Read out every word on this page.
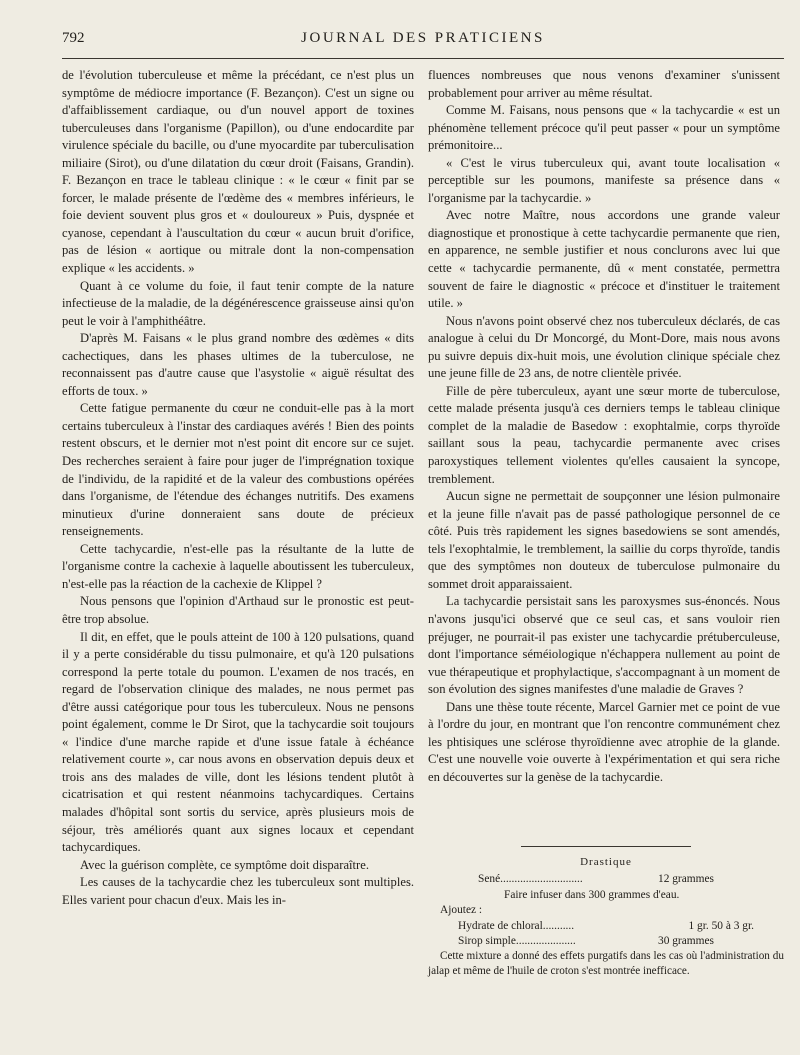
792	JOURNAL DES PRATICIENS

de l'évolution tuberculeuse et même la précédant, ce n'est plus un symptôme de médiocre importance (F. Bezançon). C'est un signe ou d'affaiblissement cardiaque, ou d'un nouvel apport de toxines tuberculeuses dans l'organisme (Papillon), ou d'une endocardite par virulence spéciale du bacille, ou d'une myocardite par tuberculisation miliaire (Sirot), ou d'une dilatation du cœur droit (Faisans, Grandin). F. Bezançon en trace le tableau clinique : « le cœur « finit par se forcer, le malade présente de l'œdème des « membres inférieurs, le foie devient souvent plus gros et « douloureux » Puis, dyspnée et cyanose, cependant à l'auscultation du cœur « aucun bruit d'orifice, pas de lésion « aortique ou mitrale dont la non-compensation explique « les accidents. »

Quant à ce volume du foie, il faut tenir compte de la nature infectieuse de la maladie, de la dégénérescence graisseuse ainsi qu'on peut le voir à l'amphithéâtre.

D'après M. Faisans « le plus grand nombre des œdèmes « dits cachectiques, dans les phases ultimes de la tuberculose, ne reconnaissent pas d'autre cause que l'asystolie « aiguë résultat des efforts de toux. »

Cette fatigue permanente du cœur ne conduit-elle pas à la mort certains tuberculeux à l'instar des cardiaques avérés ! Bien des points restent obscurs, et le dernier mot n'est point dit encore sur ce sujet. Des recherches seraient à faire pour juger de l'imprégnation toxique de l'individu, de la rapidité et de la valeur des combustions opérées dans l'organisme, de l'étendue des échanges nutritifs. Des examens minutieux d'urine donneraient sans doute de précieux renseignements.

Cette tachycardie, n'est-elle pas la résultante de la lutte de l'organisme contre la cachexie à laquelle aboutissent les tuberculeux, n'est-elle pas la réaction de la cachexie de Klippel ?

Nous pensons que l'opinion d'Arthaud sur le pronostic est peut-être trop absolue.

Il dit, en effet, que le pouls atteint de 100 à 120 pulsations, quand il y a perte considérable du tissu pulmonaire, et qu'à 120 pulsations correspond la perte totale du poumon. L'examen de nos tracés, en regard de l'observation clinique des malades, ne nous permet pas d'être aussi catégorique pour tous les tuberculeux. Nous ne pensons point également, comme le Dr Sirot, que la tachycardie soit toujours « l'indice d'une marche rapide et d'une issue fatale à échéance relativement courte », car nous avons en observation depuis deux et trois ans des malades de ville, dont les lésions tendent plutôt à cicatrisation et qui restent néanmoins tachycardiques. Certains malades d'hôpital sont sortis du service, après plusieurs mois de séjour, très améliorés quant aux signes locaux et cependant tachycardiques.

Avec la guérison complète, ce symptôme doit disparaître.

Les causes de la tachycardie chez les tuberculeux sont multiples. Elles varient pour chacun d'eux. Mais les in-

fluences nombreuses que nous venons d'examiner s'unissent probablement pour arriver au même résultat.

Comme M. Faisans, nous pensons que « la tachycardie « est un phénomène tellement précoce qu'il peut passer « pour un symptôme prémonitoire...

« C'est le virus tuberculeux qui, avant toute localisation « perceptible sur les poumons, manifeste sa présence dans « l'organisme par la tachycardie. »

Avec notre Maître, nous accordons une grande valeur diagnostique et pronostique à cette tachycardie permanente que rien, en apparence, ne semble justifier et nous conclurons avec lui que cette « tachycardie permanente, dû « ment constatée, permettra souvent de faire le diagnostic « précoce et d'instituer le traitement utile. »

Nous n'avons point observé chez nos tuberculeux déclarés, de cas analogue à celui du Dr Moncorgé, du Mont-Dore, mais nous avons pu suivre depuis dix-huit mois, une évolution clinique spéciale chez une jeune fille de 23 ans, de notre clientèle privée.

Fille de père tuberculeux, ayant une sœur morte de tuberculose, cette malade présenta jusqu'à ces derniers temps le tableau clinique complet de la maladie de Basedow : exophtalmie, corps thyroïde saillant sous la peau, tachycardie permanente avec crises paroxystiques tellement violentes qu'elles causaient la syncope, tremblement.

Aucun signe ne permettait de soupçonner une lésion pulmonaire et la jeune fille n'avait pas de passé pathologique personnel de ce côté. Puis très rapidement les signes basedowiens se sont amendés, tels l'exophtalmie, le tremblement, la saillie du corps thyroïde, tandis que des symptômes non douteux de tuberculose pulmonaire du sommet droit apparaissaient.

La tachycardie persistait sans les paroxysmes sus-énoncés. Nous n'avons jusqu'ici observé que ce seul cas, et sans vouloir rien préjuger, ne pourrait-il pas exister une tachycardie prétuberculeuse, dont l'importance séméiologique n'échappera nullement au point de vue thérapeutique et prophylactique, s'accompagnant à un moment de son évolution des signes manifestes d'une maladie de Graves ?

Dans une thèse toute récente, Marcel Garnier met ce point de vue à l'ordre du jour, en montrant que l'on rencontre communément chez les phtisiques une sclérose thyroïdienne avec atrophie de la glande. C'est une nouvelle voie ouverte à l'expérimentation et qui sera riche en découvertes sur la genèse de la tachycardie.

Drastique
Sené.............................	12 grammes
Faire infuser dans 300 grammes d'eau.
Ajoutez :
Hydrate de chloral...........	1 gr. 50 à 3 gr.
Sirop simple.....................	30 grammes
Cette mixture a donné des effets purgatifs dans les cas où l'administration du jalap et même de l'huile de croton s'est montrée inefficace.
